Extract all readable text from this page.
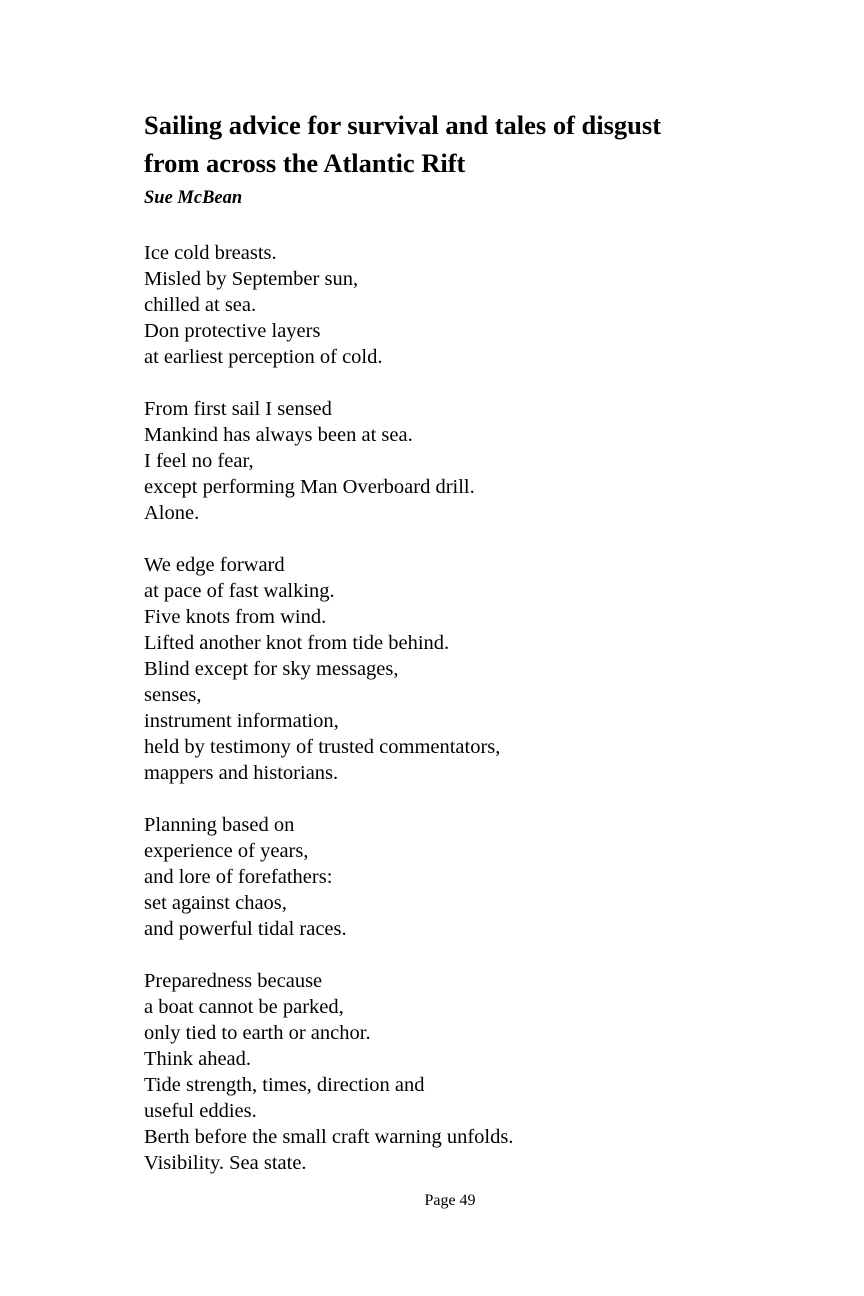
Sailing advice for survival and tales of disgust
from across the Atlantic Rift
Sue McBean
Ice cold breasts.
Misled by September sun,
chilled at sea.
Don protective layers
at earliest perception of cold.
From first sail I sensed
Mankind has always been at sea.
I feel no fear,
except performing Man Overboard drill.
Alone.
We edge forward
at pace of fast walking.
Five knots from wind.
Lifted another knot from tide behind.
Blind except for sky messages,
senses,
instrument information,
held by testimony of trusted commentators,
mappers and historians.
Planning based on
experience of years,
and lore of forefathers:
set against chaos,
and powerful tidal races.
Preparedness because
a boat cannot be parked,
only tied to earth or anchor.
Think ahead.
Tide strength, times, direction and
useful eddies.
Berth before the small craft warning unfolds.
Visibility. Sea state.
Page 49
